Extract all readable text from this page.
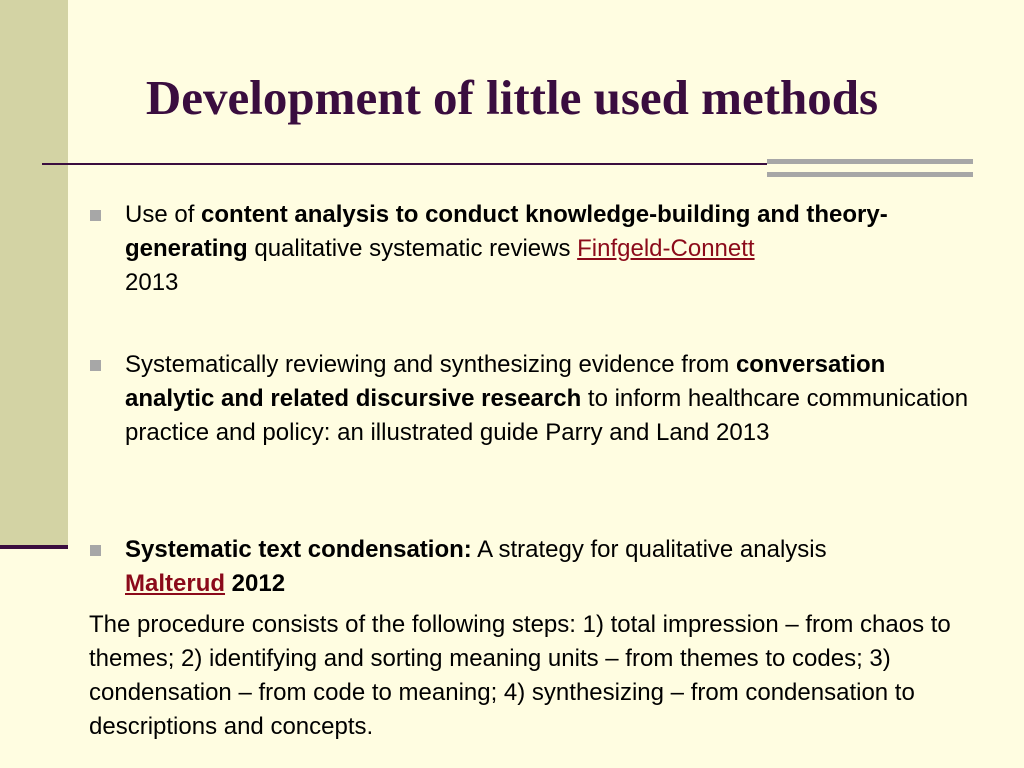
Development of little used methods
Use of content analysis to conduct knowledge-building and theory-generating qualitative systematic reviews Finfgeld-Connett
2013
Systematically reviewing and synthesizing evidence from conversation analytic and related discursive research to inform healthcare communication practice and policy: an illustrated guide Parry and Land 2013
Systematic text condensation: A strategy for qualitative analysis
Malterud 2012

The procedure consists of the following steps: 1) total impression – from chaos to themes; 2) identifying and sorting meaning units – from themes to codes; 3) condensation – from code to meaning; 4) synthesizing – from condensation to descriptions and concepts.
